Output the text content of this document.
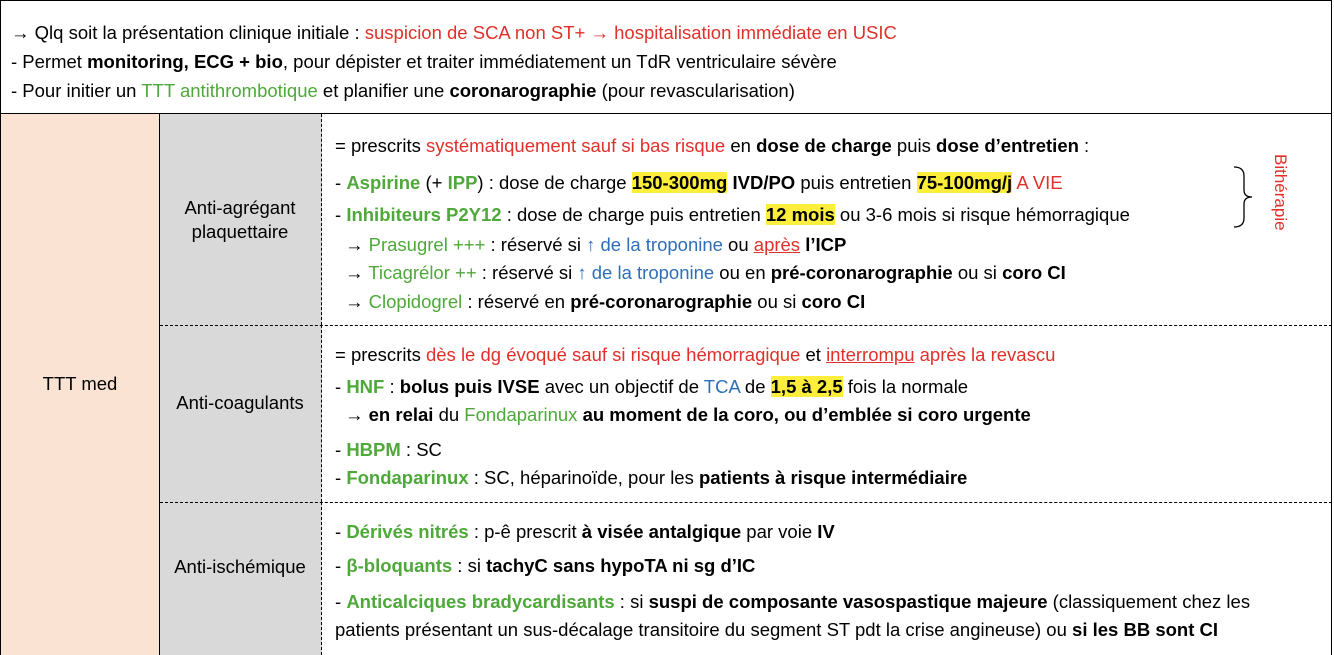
→ Qlq soit la présentation clinique initiale : suspicion de SCA non ST+ → hospitalisation immédiate en USIC
- Permet monitoring, ECG + bio, pour dépister et traiter immédiatement un TdR ventriculaire sévère
- Pour initier un TTT antithrombotique et planifier une coronarographie (pour revascularisation)
TTT med
Anti-agrégant plaquettaire
Anti-coagulants
Anti-ischémique
= prescrits systématiquement sauf si bas risque en dose de charge puis dose d’entretien :
- Aspirine (+ IPP) : dose de charge 150-300mg IVD/PO puis entretien 75-100mg/j A VIE
- Inhibiteurs P2Y12 : dose de charge puis entretien 12 mois ou 3-6 mois si risque hémorragique
→ Prasugrel +++ : réservé si ↑ de la troponine ou après l’ICP
→ Ticagrélor ++ : réservé si ↑ de la troponine ou en pré-coronarographie ou si coro CI
→ Clopidogrel : réservé en pré-coronarographie ou si coro CI
Bithérapie
= prescrits dès le dg évoqué sauf si risque hémorragique et interrompu après la revascu
- HNF : bolus puis IVSE avec un objectif de TCA de 1,5 à 2,5 fois la normale
→ en relai du Fondaparinux au moment de la coro, ou d’emblée si coro urgente
- HBPM : SC
- Fondaparinux : SC, héparinoïde, pour les patients à risque intermédiaire
- Dérivés nitrés : p-ê prescrit à visée antalgique par voie IV
- β-bloquants : si tachyC sans hypoTA ni sg d’IC
- Anticalciques bradycardisants : si suspi de composante vasospastique majeure (classiquement chez les
patients présentant un sus-décalage transitoire du segment ST pdt la crise angineuse) ou si les BB sont CI
